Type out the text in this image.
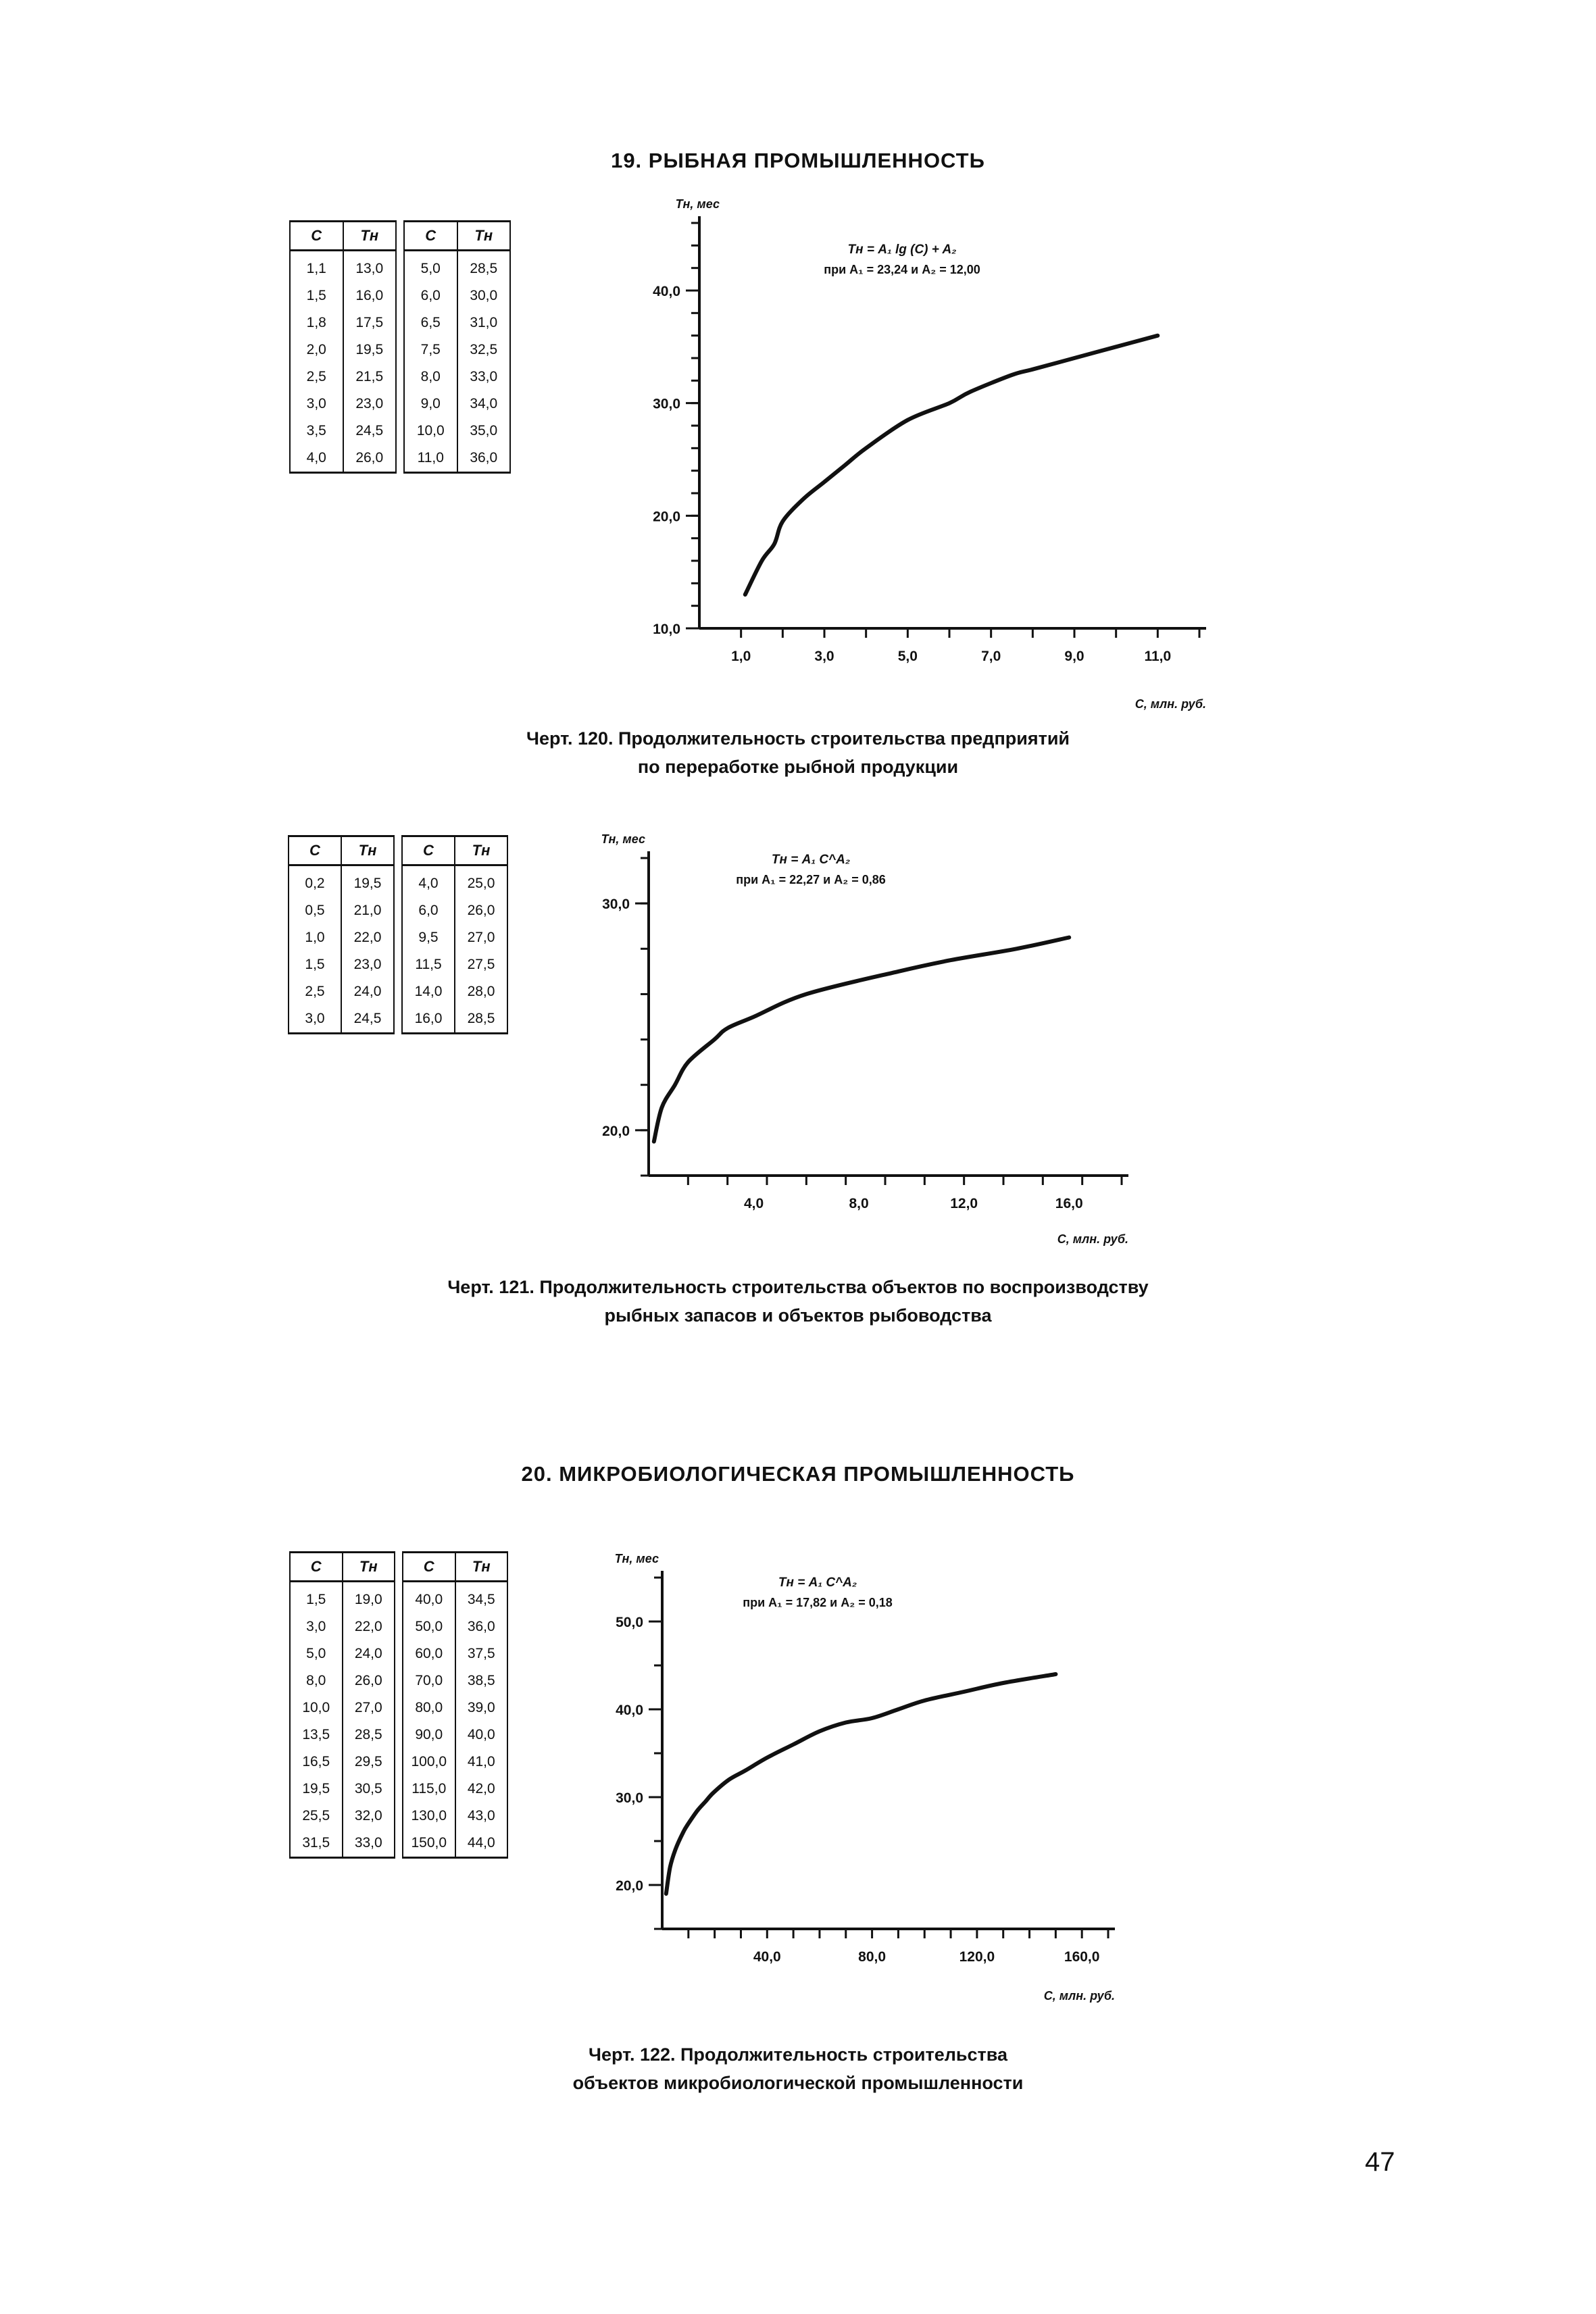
19. РЫБНАЯ ПРОМЫШЛЕННОСТЬ
C	Tн		C	Tн
1,1	13,0		5,0	28,5
1,5	16,0		6,0	30,0
1,8	17,5		6,5	31,0
2,0	19,5		7,5	32,5
2,5	21,5		8,0	33,0
3,0	23,0		9,0	34,0
3,5	24,5		10,0	35,0
4,0	26,0		11,0	36,0
1,0	3,0	5,0	7,0	9,0	11,0
10,0
20,0
30,0
40,0
Tн, мес
C, млн. руб.
Tн = A₁ lg (C) + A₂
при A₁ = 23,24 и A₂ = 12,00
Черт. 120. Продолжительность строительства предприятий
по переработке рыбной продукции
C	Tн		C	Tн
0,2	19,5		4,0	25,0
0,5	21,0		6,0	26,0
1,0	22,0		9,5	27,0
1,5	23,0		11,5	27,5
2,5	24,0		14,0	28,0
3,0	24,5		16,0	28,5
4,0	8,0	12,0	16,0
20,0
30,0
Tн, мес
C, млн. руб.
Tн = A₁ C^A₂
при A₁ = 22,27 и A₂ = 0,86
Черт. 121. Продолжительность строительства объектов по воспроизводству
рыбных запасов и объектов рыбоводства
20. МИКРОБИОЛОГИЧЕСКАЯ ПРОМЫШЛЕННОСТЬ
C	Tн		C	Tн
1,5	19,0		40,0	34,5
3,0	22,0		50,0	36,0
5,0	24,0		60,0	37,5
8,0	26,0		70,0	38,5
10,0	27,0		80,0	39,0
13,5	28,5		90,0	40,0
16,5	29,5		100,0	41,0
19,5	30,5		115,0	42,0
25,5	32,0		130,0	43,0
31,5	33,0		150,0	44,0
40,0	80,0	120,0	160,0
20,0
30,0
40,0
50,0
Tн, мес
C, млн. руб.
Tн = A₁ C^A₂
при A₁ = 17,82 и A₂ = 0,18
Черт. 122. Продолжительность строительства
объектов микробиологической промышленности
47
